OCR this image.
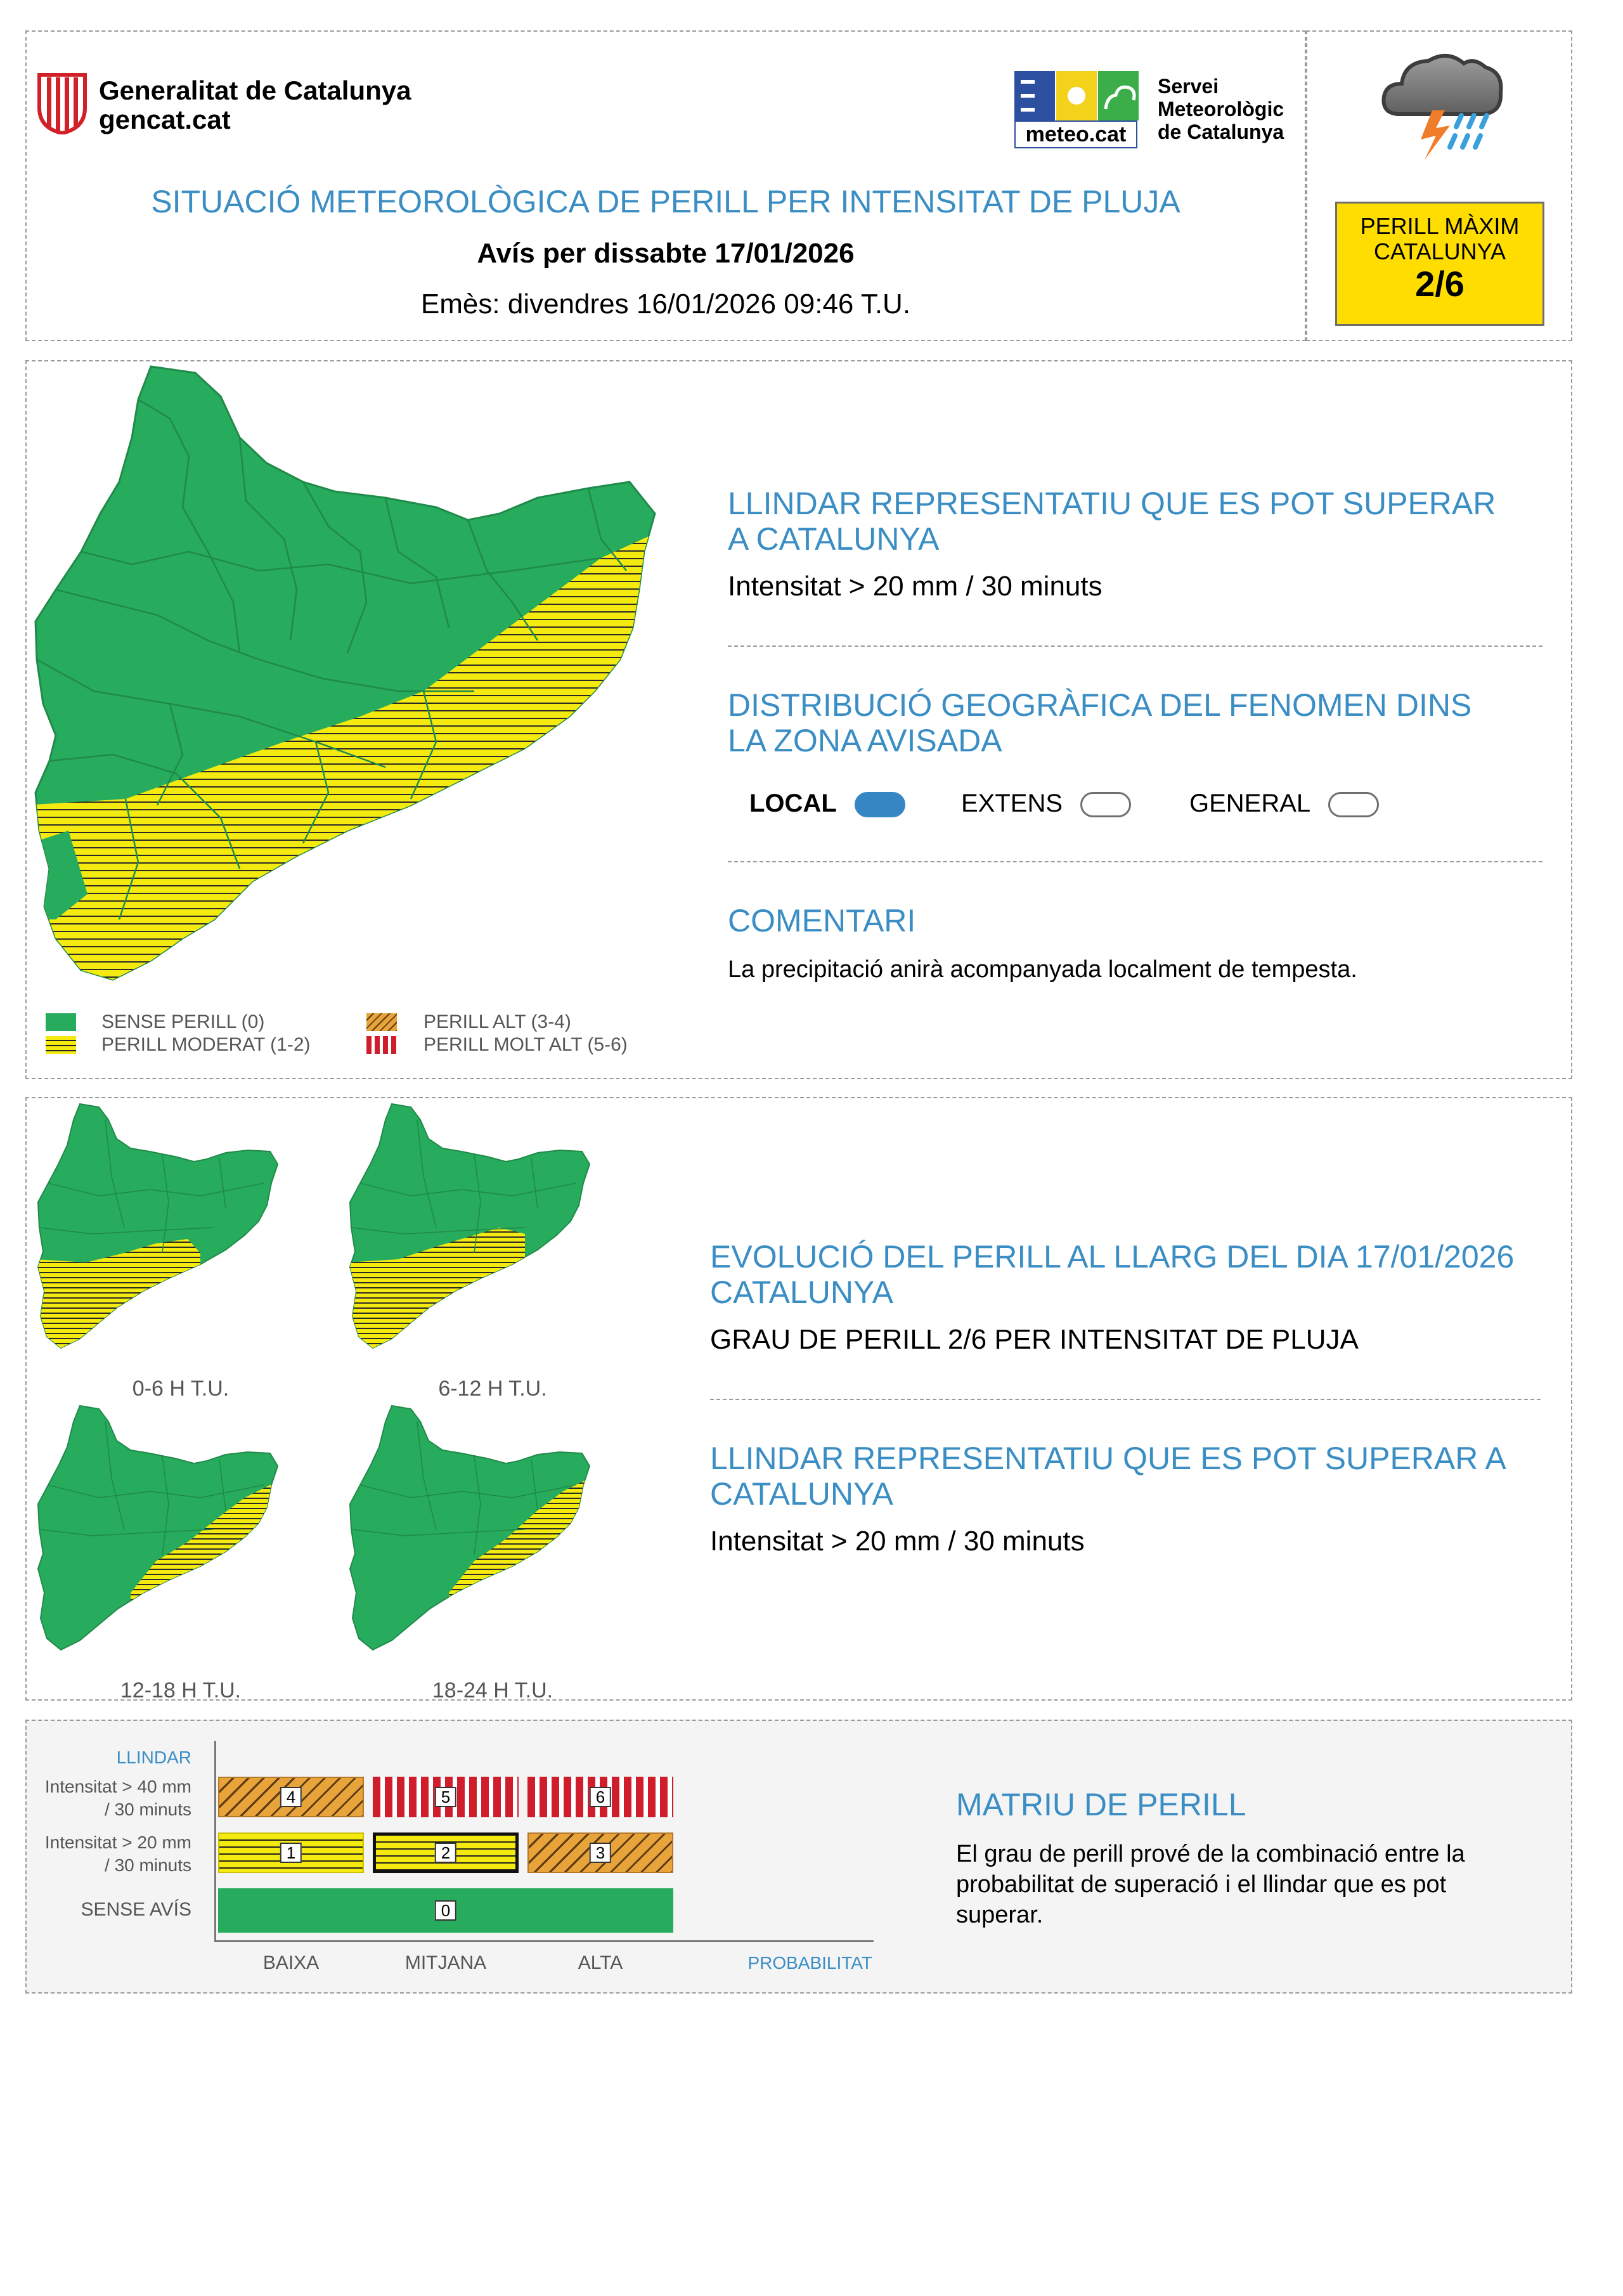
Generalitat de Catalunya
gencat.cat	meteo.cat
Servei
Meteorològic
de Catalunya
SITUACIÓ METEOROLÒGICA DE PERILL PER INTENSITAT DE PLUJA
Avís per dissabte 17/01/2026
Emès: divendres 16/01/2026 09:46 T.U.
PERILL MÀXIM
CATALUNYA
2/6
SENSE PERILL (0)
PERILL MODERAT (1-2)
PERILL ALT (3-4)
PERILL MOLT ALT (5-6)
LLINDAR REPRESENTATIU QUE ES POT SUPERAR A CATALUNYA
Intensitat > 20 mm / 30 minuts
DISTRIBUCIÓ GEOGRÀFICA DEL FENOMEN DINS LA ZONA AVISADA
LOCAL	EXTENS	GENERAL
COMENTARI
La precipitació anirà acompanyada localment de tempesta.
0-6 H T.U.	6-12 H T.U.
12-18 H T.U.	18-24 H T.U.
EVOLUCIÓ DEL PERILL AL LLARG DEL DIA 17/01/2026 CATALUNYA
GRAU DE PERILL 2/6 PER INTENSITAT DE PLUJA
LLINDAR REPRESENTATIU QUE ES POT SUPERAR A CATALUNYA
Intensitat > 20 mm / 30 minuts
LLINDAR
Intensitat > 40 mm / 30 minuts
Intensitat > 20 mm / 30 minuts
SENSE AVÍS
4	5	6
1	2	3
0
BAIXA	MITJANA	ALTA	PROBABILITAT
MATRIU DE PERILL
El grau de perill prové de la combinació entre la probabilitat de superació i el llindar que es pot superar.
